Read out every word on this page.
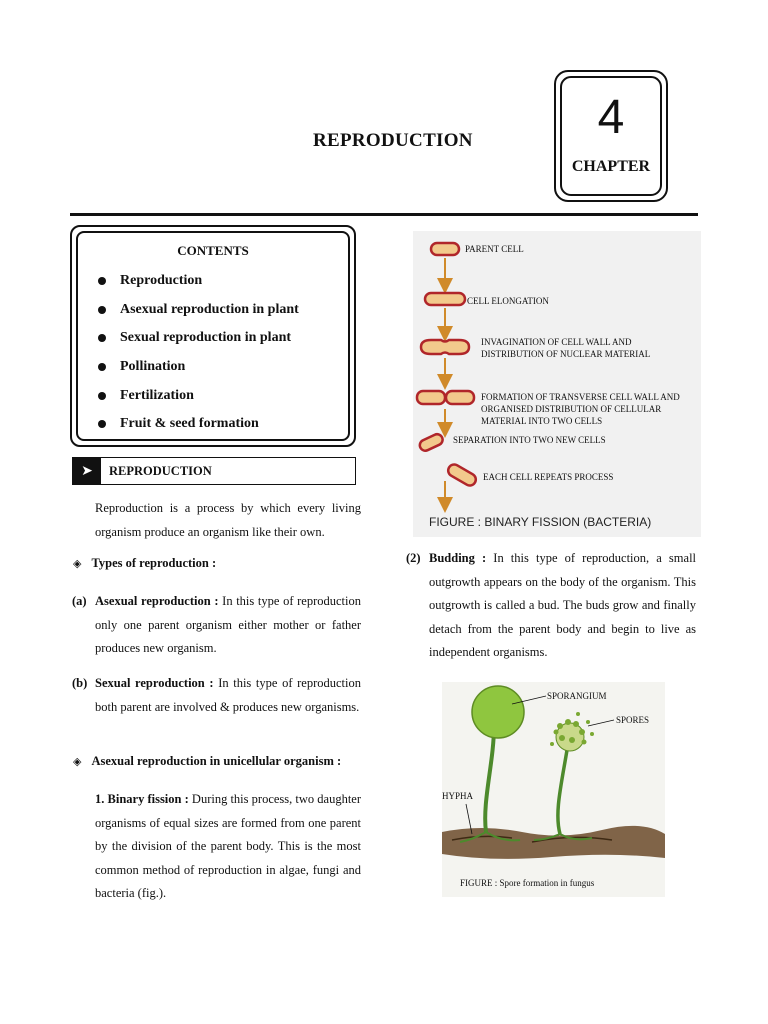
REPRODUCTION	4
CHAPTER
CONTENTS
Reproduction
Asexual reproduction in plant
Sexual reproduction in plant
Pollination
Fertilization
Fruit & seed formation
➤	REPRODUCTION
Reproduction is a process by which every living organism produce an organism like their own.
◈ Types of reproduction :
(a) Asexual reproduction : In this type of reproduction only one parent organism either mother or father produces new organism.
(b) Sexual reproduction : In this type of reproduction both parent are involved & produces new organisms.
◈ Asexual reproduction in unicellular organism :
1. Binary fission : During this process, two daughter organisms of equal sizes are formed from one parent by the division of the parent body. This is the most common method of reproduction in algae, fungi and bacteria (fig.).
PARENT CELL
CELL ELONGATION
INVAGINATION OF CELL WALL AND DISTRIBUTION OF NUCLEAR MATERIAL
FORMATION OF TRANSVERSE CELL WALL AND ORGANISED DISTRIBUTION OF CELLULAR MATERIAL INTO TWO CELLS
SEPARATION INTO TWO NEW CELLS
EACH CELL REPEATS PROCESS
FIGURE : BINARY FISSION (BACTERIA)
(2) Budding : In this type of reproduction, a small outgrowth appears on the body of the organism. This outgrowth is called a bud. The buds grow and finally detach from the parent body and begin to live as independent organisms.
SPORANGIUM
SPORES
HYPHA
FIGURE : Spore formation in fungus
